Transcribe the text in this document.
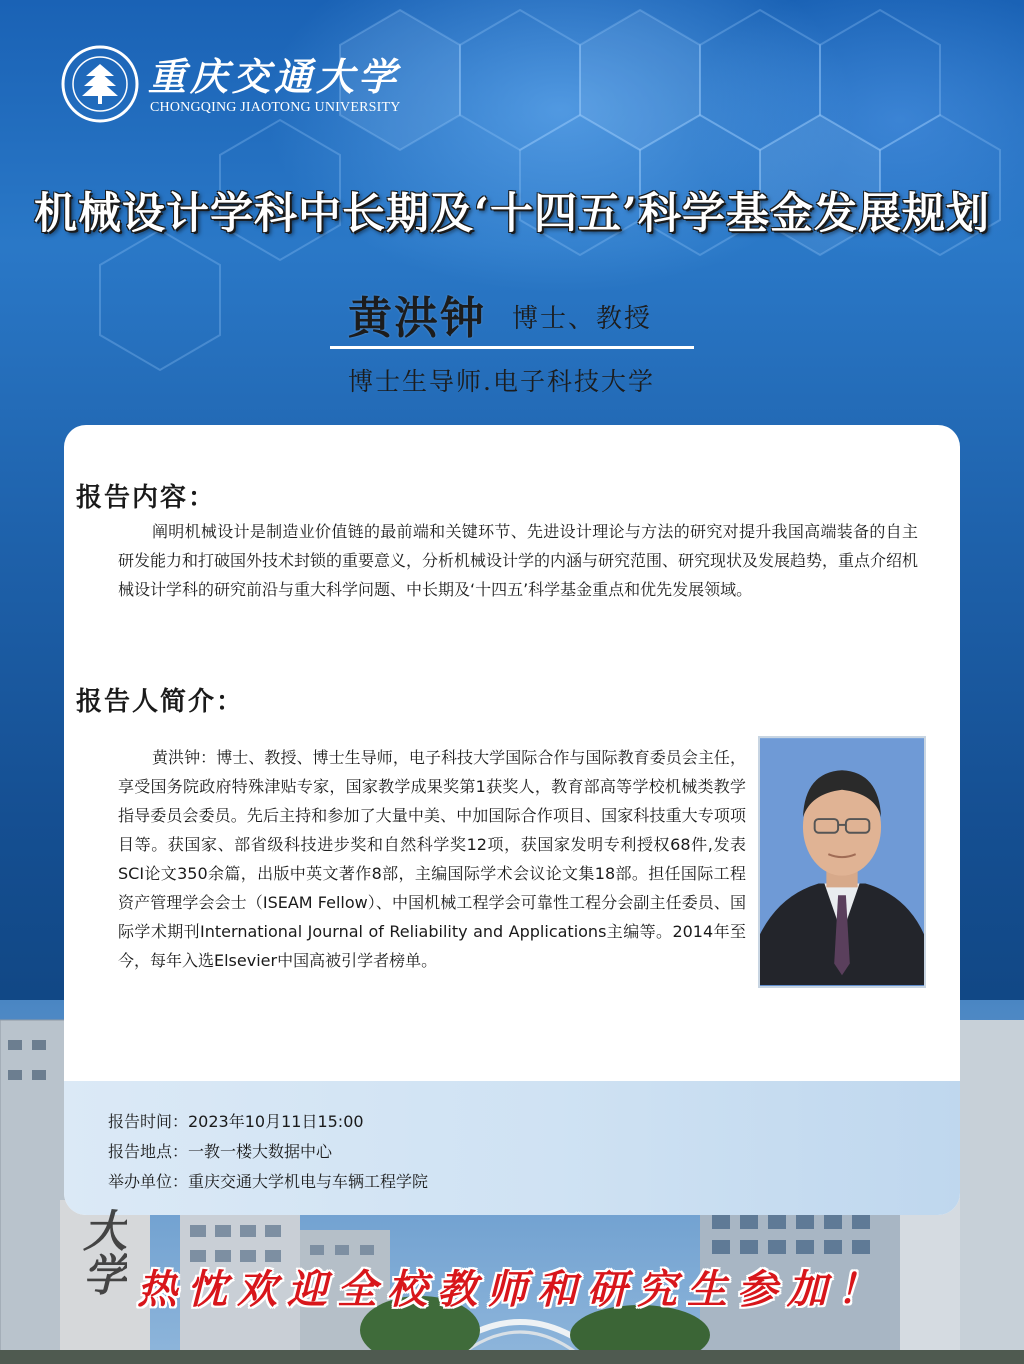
重庆交通大学
CHONGQING JIAOTONG UNIVERSITY
机械设计学科中长期及‘十四五’科学基金发展规划
黄洪钟 博士、教授
博士生导师.电子科技大学
报告内容：

阐明机械设计是制造业价值链的最前端和关键环节、先进设计理论与方法的研究对提升我国高端装备的自主研发能力和打破国外技术封锁的重要意义，分析机械设计学的内涵与研究范围、研究现状及发展趋势，重点介绍机械设计学科的研究前沿与重大科学问题、中长期及‘十四五’科学基金重点和优先发展领域。

报告人简介：

黄洪钟：博士、教授、博士生导师，电子科技大学国际合作与国际教育委员会主任，享受国务院政府特殊津贴专家，国家教学成果奖第1获奖人，教育部高等学校机械类教学指导委员会委员。先后主持和参加了大量中美、中加国际合作项目、国家科技重大专项项目等。获国家、部省级科技进步奖和自然科学奖12项，获国家发明专利授权68件,发表SCI论文350余篇，出版中英文著作8部，主编国际学术会议论文集18部。担任国际工程资产管理学会会士（ISEAM Fellow）、中国机械工程学会可靠性工程分会副主任委员、国际学术期刊International Journal of Reliability and Applications主编等。2014年至今，每年入选Elsevier中国高被引学者榜单。

报告时间：2023年10月11日15:00
报告地点：一教一楼大数据中心
举办单位：重庆交通大学机电与车辆工程学院
大学 热忱欢迎全校教师和研究生参加！
